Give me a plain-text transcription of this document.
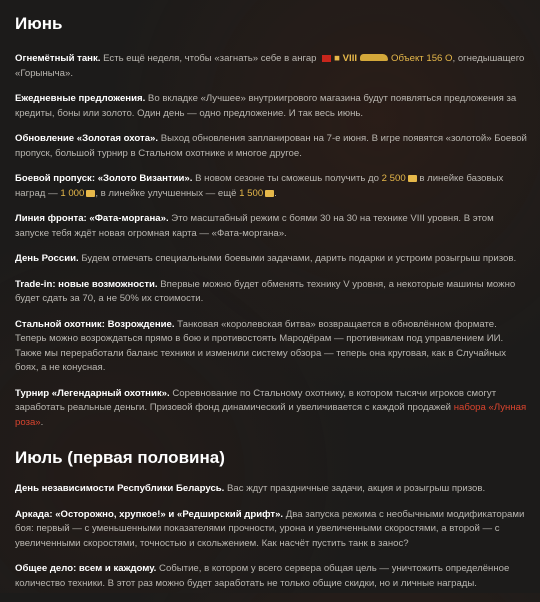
Июнь

Огнемётный танк. Есть ещё неделя, чтобы «загнать» себе в ангар ■ VIII	Объект 156 О, огнедышащего «Горыныча».

Ежедневные предложения. Во вкладке «Лучшее» внутриигрового магазина будут появляться предложения за кредиты, боны или золото. Один день — одно предложение. И так весь июнь.

Обновление «Золотая охота». Выход обновления запланирован на 7-е июня. В игре появятся «золотой» Боевой пропуск, большой турнир в Стальном охотнике и многое другое.

Боевой пропуск: «Золото Византии». В новом сезоне ты сможешь получить до 2 500 в линейке базовых наград — 1 000 , в линейке улучшенных — ещё 1 500 .

Линия фронта: «Фата-моргана». Это масштабный режим с боями 30 на 30 на технике VIII уровня. В этом запуске тебя ждёт новая огромная карта — «Фата-моргана».

День России. Будем отмечать специальными боевыми задачами, дарить подарки и устроим розыгрыш призов.

Trade-in: новые возможности. Впервые можно будет обменять технику V уровня, а некоторые машины можно будет сдать за 70, а не 50% их стоимости.

Стальной охотник: Возрождение. Танковая «королевская битва» возвращается в обновлённом формате. Теперь можно возрождаться прямо в бою и противостоять Мародёрам — противникам под управлением ИИ. Также мы переработали баланс техники и изменили систему обзора — теперь она круговая, как в Случайных боях, а не конусная.

Турнир «Легендарный охотник». Соревнование по Стальному охотнику, в котором тысячи игроков смогут заработать реальные деньги. Призовой фонд динамический и увеличивается с каждой продажей набора «Лунная роза».

Июль (первая половина)

День независимости Республики Беларусь. Вас ждут праздничные задачи, акция и розыгрыш призов.

Аркада: «Осторожно, хрупкое!» и «Редширский дрифт». Два запуска режима с необычными модификаторами боя: первый — с уменьшенными показателями прочности, урона и увеличенными скоростями, а второй — с увеличенными скоростями, точностью и скольжением. Как насчёт пустить танк в занос?

Общее дело: всем и каждому. Событие, в котором у всего сервера общая цель — уничтожить определённое количество техники. В этот раз можно будет заработать не только общие скидки, но и личные награды.
